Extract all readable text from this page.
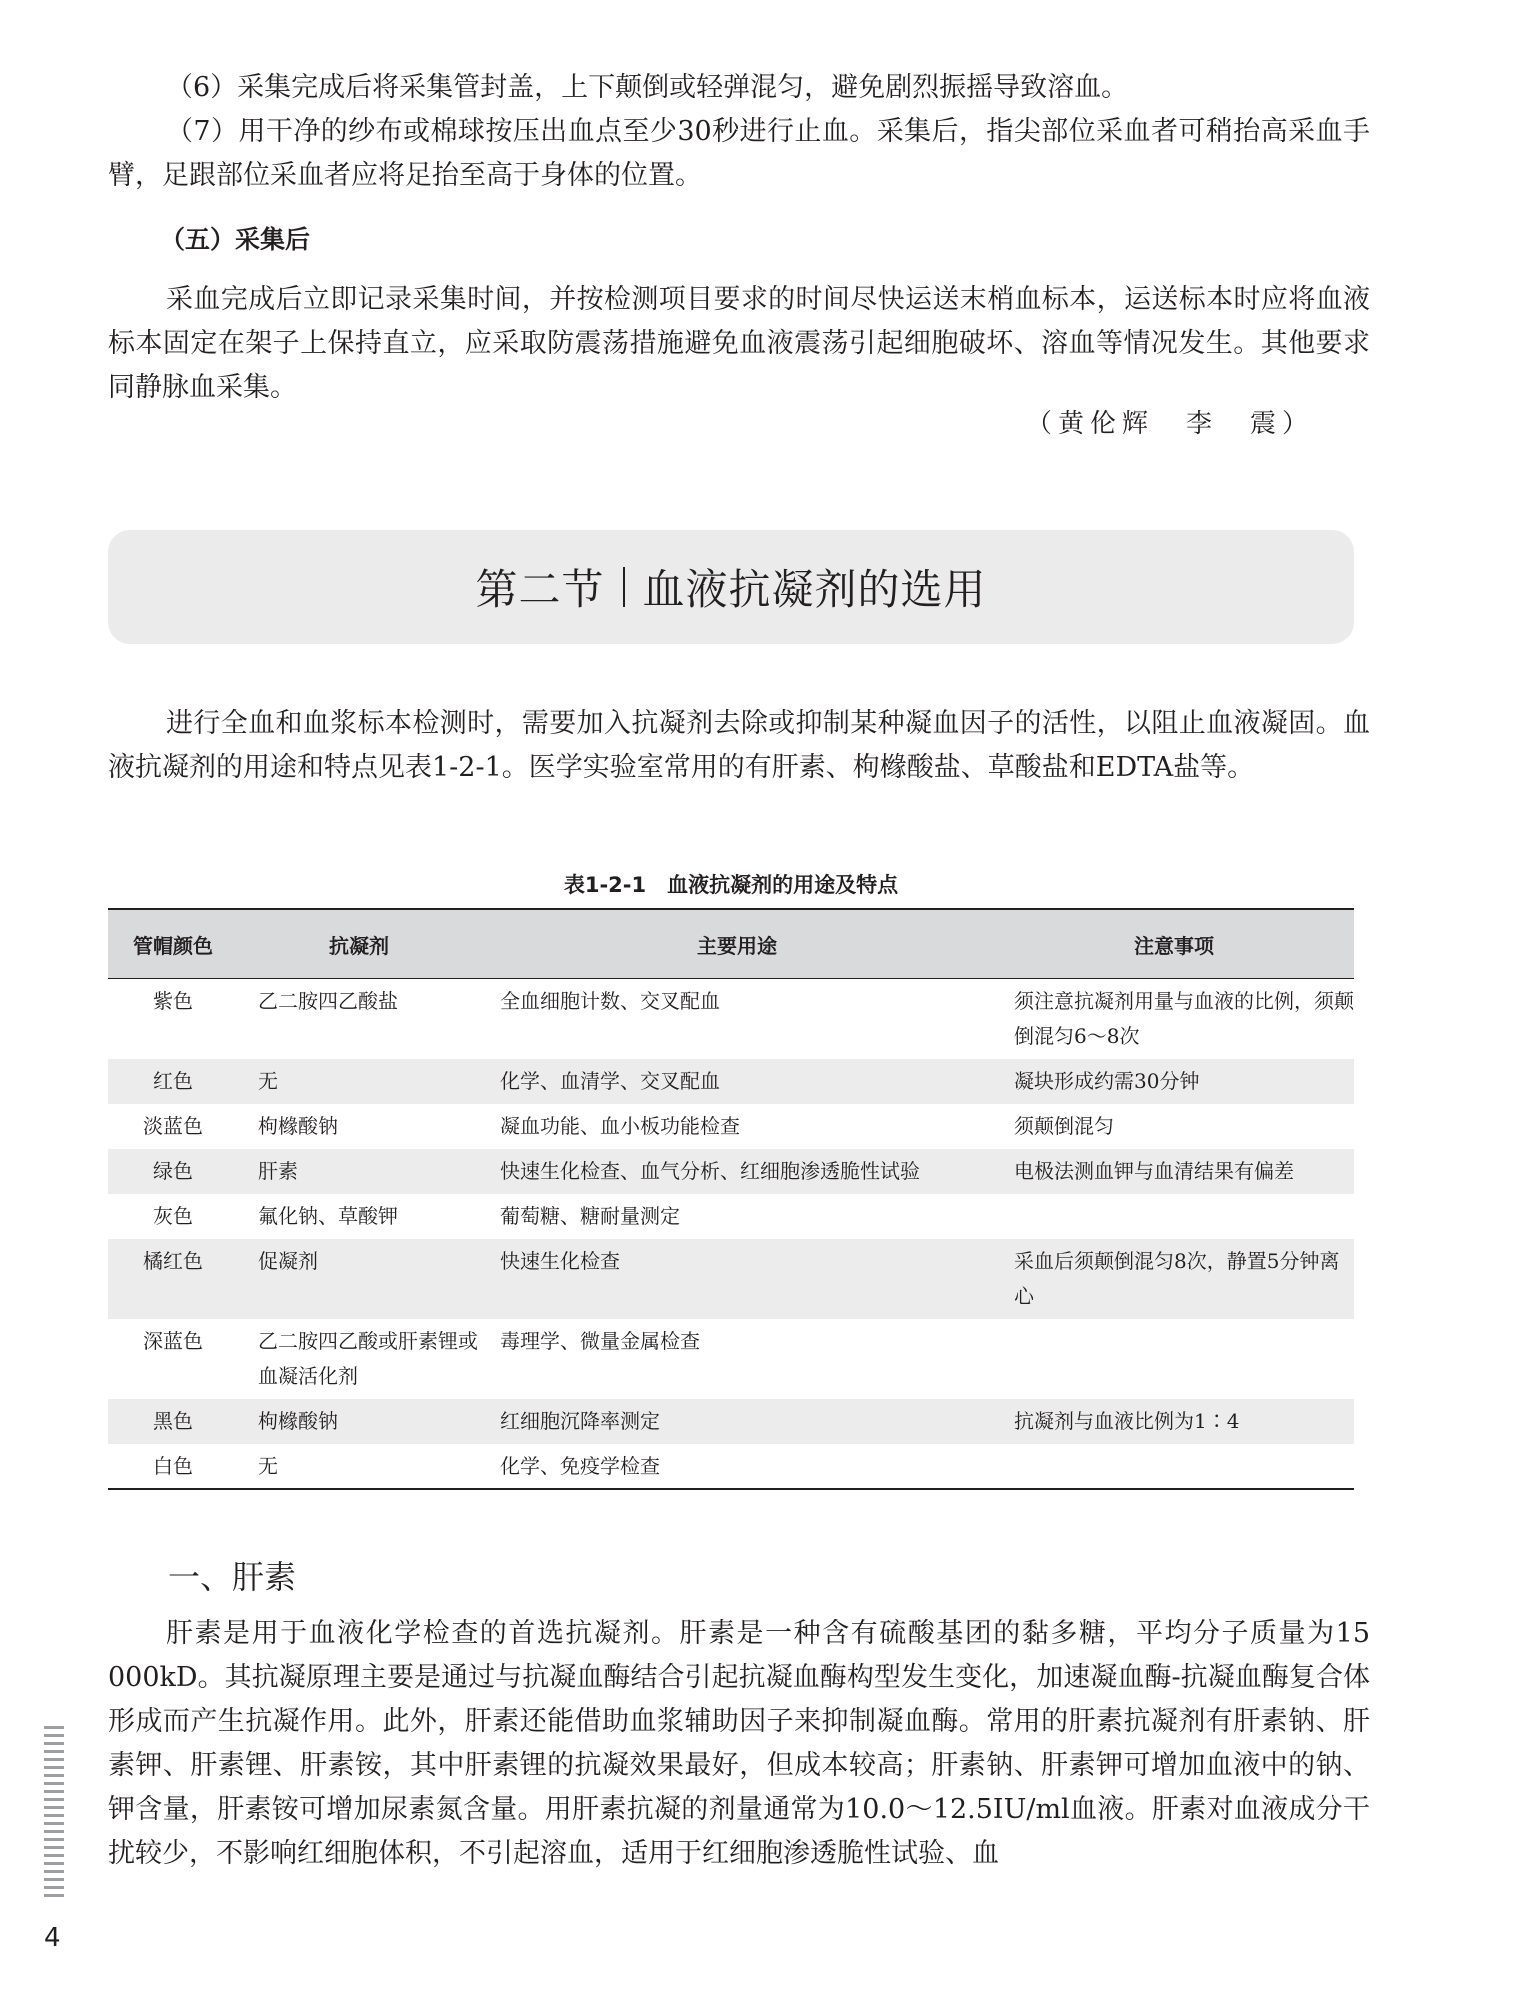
（6）采集完成后将采集管封盖，上下颠倒或轻弹混匀，避免剧烈振摇导致溶血。

（7）用干净的纱布或棉球按压出血点至少30秒进行止血。采集后，指尖部位采血者可稍抬高采血手臂，足跟部位采血者应将足抬至高于身体的位置。

（五）采集后

采血完成后立即记录采集时间，并按检测项目要求的时间尽快运送末梢血标本，运送标本时应将血液标本固定在架子上保持直立，应采取防震荡措施避免血液震荡引起细胞破坏、溶血等情况发生。其他要求同静脉血采集。

（黄伦辉　李　震）
第二节 血液抗凝剂的选用

进行全血和血浆标本检测时，需要加入抗凝剂去除或抑制某种凝血因子的活性，以阻止血液凝固。血液抗凝剂的用途和特点见表1-2-1。医学实验室常用的有肝素、枸橼酸盐、草酸盐和EDTA盐等。

表1-2-1　血液抗凝剂的用途及特点
管帽颜色	抗凝剂	主要用途	注意事项
紫色	乙二胺四乙酸盐	全血细胞计数、交叉配血	须注意抗凝剂用量与血液的比例，须颠倒混匀6～8次
红色	无	化学、血清学、交叉配血	凝块形成约需30分钟
淡蓝色	枸橼酸钠	凝血功能、血小板功能检查	须颠倒混匀
绿色	肝素	快速生化检查、血气分析、红细胞渗透脆性试验	电极法测血钾与血清结果有偏差
灰色	氟化钠、草酸钾	葡萄糖、糖耐量测定	
橘红色	促凝剂	快速生化检查	采血后须颠倒混匀8次，静置5分钟离心
深蓝色	乙二胺四乙酸或肝素锂或血凝活化剂	毒理学、微量金属检查	
黑色	枸橼酸钠	红细胞沉降率测定	抗凝剂与血液比例为1∶4
白色	无	化学、免疫学检查	
一、肝素

肝素是用于血液化学检查的首选抗凝剂。肝素是一种含有硫酸基团的黏多糖，平均分子质量为15 000kD。其抗凝原理主要是通过与抗凝血酶结合引起抗凝血酶构型发生变化，加速凝血酶-抗凝血酶复合体形成而产生抗凝作用。此外，肝素还能借助血浆辅助因子来抑制凝血酶。常用的肝素抗凝剂有肝素钠、肝素钾、肝素锂、肝素铵，其中肝素锂的抗凝效果最好，但成本较高；肝素钠、肝素钾可增加血液中的钠、钾含量，肝素铵可增加尿素氮含量。用肝素抗凝的剂量通常为10.0～12.5IU/ml血液。肝素对血液成分干扰较少，不影响红细胞体积，不引起溶血，适用于红细胞渗透脆性试验、血

4
